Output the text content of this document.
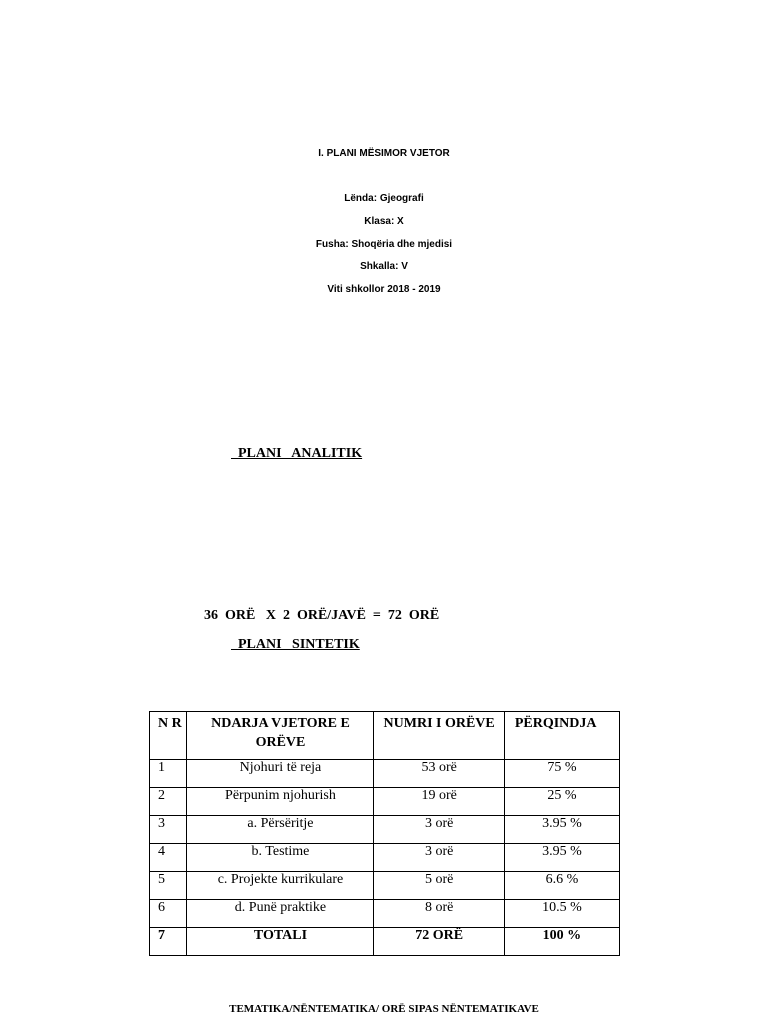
I. PLANI MËSIMOR VJETOR
Lënda: Gjeografi
Klasa: X
Fusha: Shoqëria dhe mjedisi
Shkalla: V
Viti shkollor 2018 - 2019
PLANI   ANALITIK
36  ORË   X  2  ORË/JAVË  =  72  ORË
PLANI   SINTETIK
N R	NDARJA VJETORE E ORËVE	NUMRI I ORËVE	PËRQINDJA
1	Njohuri të reja	53 orë	75 %
2	Përpunim njohurish	19 orë	25 %
3	a. Përsëritje	3 orë	3.95 %
4	b. Testime	3 orë	3.95 %
5	c. Projekte kurrikulare	5 orë	6.6 %
6	d. Punë praktike	8 orë	10.5 %
7	TOTALI	72 ORË	100 %
TEMATIKA/NËNTEMATIKA/ ORË SIPAS NËNTEMATIKAVE
